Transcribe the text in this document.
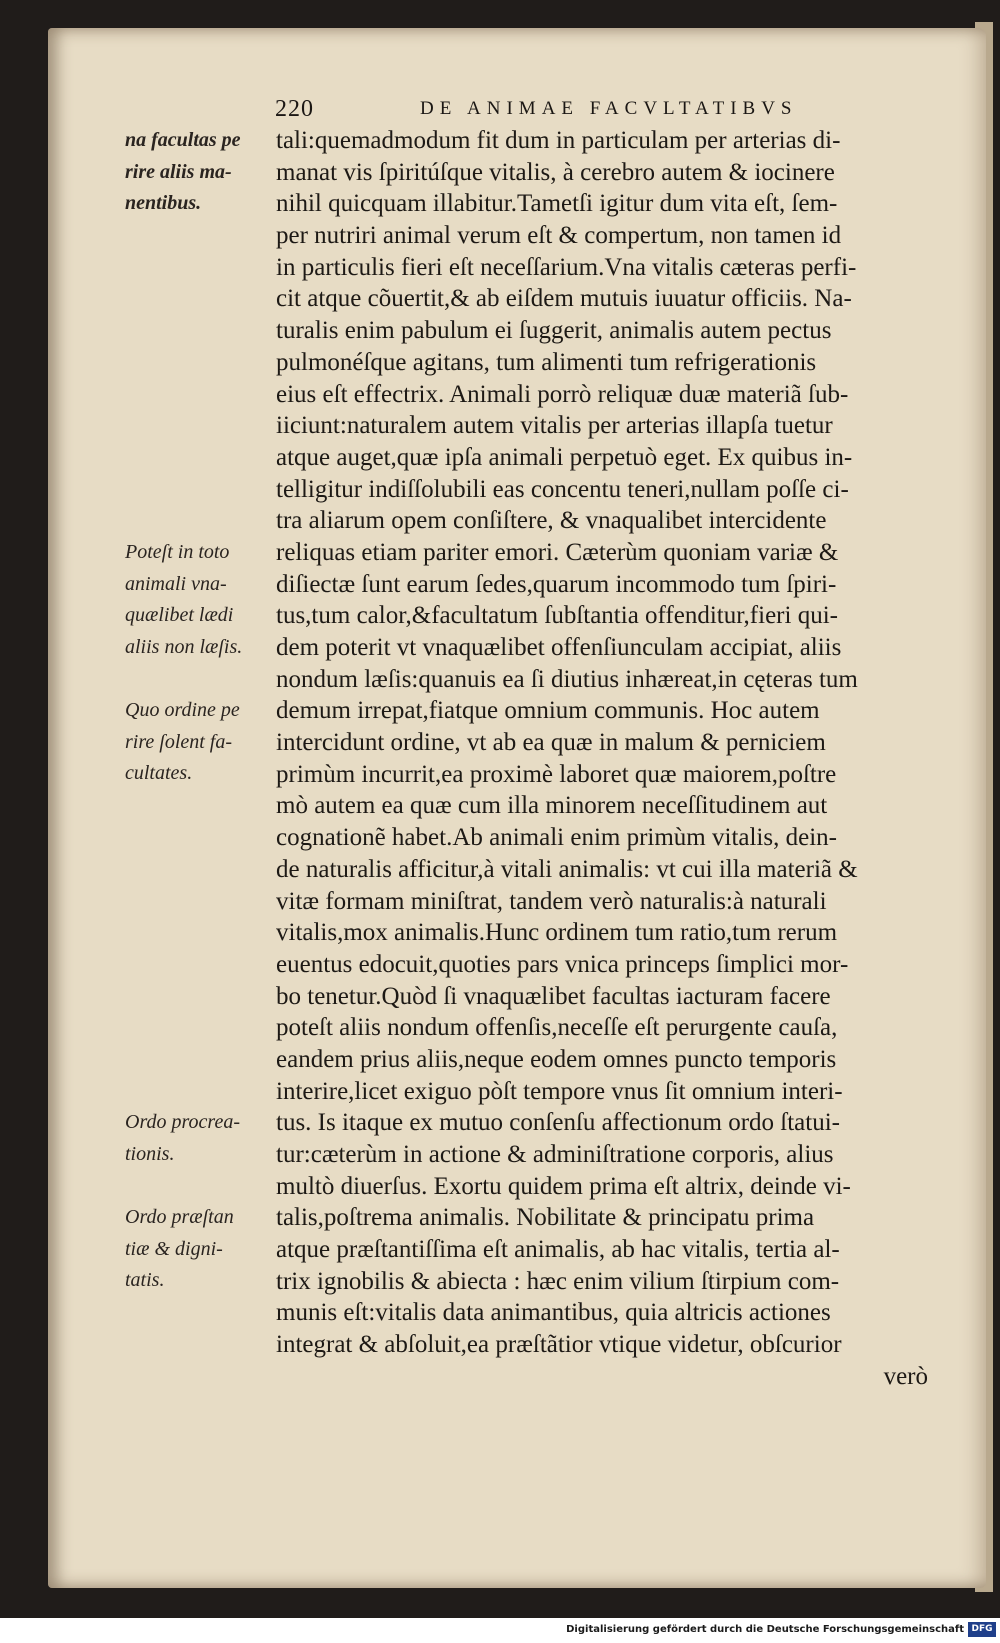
220	DE ANIMAE FACVLTATIBVS
na facultas pe
rire aliis ma-
nentibus.
Poteſt in toto
animali vna-
quælibet lædi
aliis non læſis.
Quo ordine pe
rire ſolent fa-
cultates.
Ordo procrea-
tionis.
Ordo præſtan
tiæ & digni-
tatis.
tali:quemadmodum fit dum in particulam per arterias di-
manat vis ſpiritúſque vitalis, à cerebro autem & iocinere
nihil quicquam illabitur.Tametſi igitur dum vita eſt, ſem-
per nutriri animal verum eſt & compertum, non tamen id
in particulis fieri eſt neceſſarium.Vna vitalis cæteras perfi-
cit atque cõuertit,& ab eiſdem mutuis iuuatur officiis. Na-
turalis enim pabulum ei ſuggerit, animalis autem pectus
pulmonéſque agitans, tum alimenti tum refrigerationis
eius eſt effectrix. Animali porrò reliquæ duæ materiã ſub-
iiciunt:naturalem autem vitalis per arterias illapſa tuetur
atque auget,quæ ipſa animali perpetuò eget. Ex quibus in-
telligitur indiſſolubili eas concentu teneri,nullam poſſe ci-
tra aliarum opem conſiſtere, & vnaqualibet intercidente
reliquas etiam pariter emori. Cæterùm quoniam variæ &
diſiectæ ſunt earum ſedes,quarum incommodo tum ſpiri-
tus,tum calor,&facultatum ſubſtantia offenditur,fieri qui-
dem poterit vt vnaquælibet offenſiunculam accipiat, aliis
nondum læſis:quanuis ea ſi diutius inhæreat,in cęteras tum
demum irrepat,fiatque omnium communis. Hoc autem
intercidunt ordine, vt ab ea quæ in malum & perniciem
primùm incurrit,ea proximè laboret quæ maiorem,poſtre
mò autem ea quæ cum illa minorem neceſſitudinem aut
cognationẽ habet.Ab animali enim primùm vitalis, dein-
de naturalis afficitur,à vitali animalis: vt cui illa materiã &
vitæ formam miniſtrat, tandem verò naturalis:à naturali
vitalis,mox animalis.Hunc ordinem tum ratio,tum rerum
euentus edocuit,quoties pars vnica princeps ſimplici mor-
bo tenetur.Quòd ſi vnaquælibet facultas iacturam facere
poteſt aliis nondum offenſis,neceſſe eſt perurgente cauſa,
eandem prius aliis,neque eodem omnes puncto temporis
interire,licet exiguo pòſt tempore vnus ſit omnium interi-
tus. Is itaque ex mutuo conſenſu affectionum ordo ſtatui-
tur:cæterùm in actione & adminiſtratione corporis, alius
multò diuerſus. Exortu quidem prima eſt altrix, deinde vi-
talis,poſtrema animalis. Nobilitate & principatu prima
atque præſtantiſſima eſt animalis, ab hac vitalis, tertia al-
trix ignobilis & abiecta : hæc enim vilium ſtirpium com-
munis eſt:vitalis data animantibus, quia altricis actiones
integrat & abſoluit,ea præſtãtior vtique videtur, obſcurior
verò
Digitalisierung gefördert durch die Deutsche Forschungsgemeinschaft DFG
